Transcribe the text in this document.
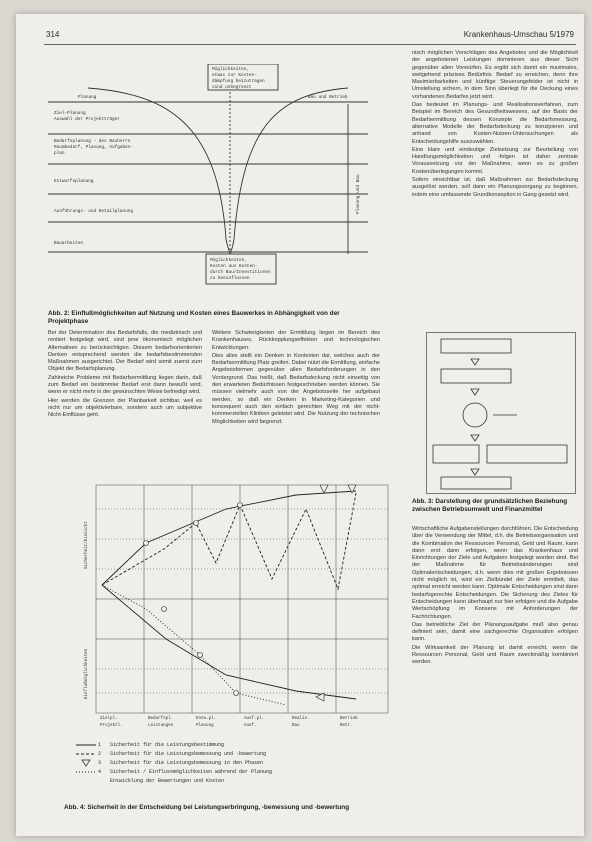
314	Krankenhaus-Umschau 5/1979
Möglichkeiten,
etwas zur Kosten-
dämpfung beizutragen
sind unbegrenzt
Planung	Bau und Betrieb
Ziel-Planung
Auswahl der Projektträger
Bedarfsplanung - des Bauherrn
Raumbedarf, Planung, Aufgaben-
plan
Entwurfsplanung
Ausführungs- und Detailplanung
Bauarbeiten
Möglichkeiten,
Kosten aus Kosten-
durch Bau/Investitionen
zu beeinflussen
Planung und Bau
Abb. 2: Einflußmöglichkeiten auf Nutzung und Kosten eines Bauwerkes in Abhängigkeit von der Projektphase

Bei der Determination des Bedarfsfalls, die medizinisch und rentiert festgelegt wird, sind jene ökonomisch möglichen Alternativen zu berücksichtigen. Diesem bedarfsorientierten Denken entsprechend werden die bedarfsbestimmenden Maßnahmen ausgerichtet. Der Bedarf wird somit zuerst zum Objekt der Bedarfsplanung.

Zahlreiche Probleme mit Bedarfsermittlung liegen darin, daß zum Bedarf ein bestimmter Bedarf erst dann bewußt wird, wenn er nicht mehr in der gewünschten Weise befriedigt wird.

Hier werden die Grenzen der Planbarkeit sichtbar, weil es nicht nur um objektivierbare, sondern auch um subjektive Nicht-Einflüsse geht.

Weitere Schwierigkeiten der Ermittlung liegen im Bereich des Krankenhauses, Rückkopplungseffekten und technologischen Entwicklungen.

Dies alles stellt ein Denken in Kontexten dar, welches auch der Bedarfsermittlung Platz greifen. Dabei nützt die Ermittlung, einfache Angebotsformen gegenüber allen Bedarfsforderungen in den Vordergrund. Das heißt, daß Bedarfsdeckung nicht einseitig von den erwarteten Bedürfnissen festgeschrieben werden können. Sie müssen vielmehr auch von der Angebotsseite her aufgebaut werden, so daß ein Denken in Marketing-Kategorien und konsequent auch den einfach gerechten Weg mit der nicht-kommerziellen Kliniken geleistet wird. Die Nutzung der technischen Möglichkeiten wird begrenzt.

nisch möglichen Vorschlägen des Angebotes und die Möglichkeit der angebotenen Leistungen dominieren aus dieser Sicht gegenüber allen Vorwürfen. Es ergibt sich damit ein maximales, weitgehend präzises Bedürfnis. Bedarf zu erreichen, denn ihre Maximierbarkeiten und künftige Steuerungsfelder ist nicht in Umstellung sichern, in dem Sinn überlegt für die Deckung eines vorhandenen Bedarfes jetzt wird.

Das bedeutet im Planungs- und Realisationsverfahren, zum Beispiel im Bereich des Gesundheitswesens, auf der Basis der Bedarfsermittlung dessen Konzepte die Bedarfsmessung, alternative Modelle der Bedarfsdeckung zu konzipieren und anhand von Kosten-Nutzen-Untersuchungen als Entscheidungshilfe auszuwählen.

Eine klare und eindeutige Zielsetzung zur Beurteilung von Handlungsmöglichkeiten und -folgen ist daher zentrale Voraussetzung vor der Maßnahme, wenn es zu großen Kostenüberlegungen kommt.

Sofern einsichtbar ist, daß Maßnahmen zur Bedarfsdeckung ausgelöst werden, soll dann ein Planungsvorgang zu beginnen, indem eine umfassende Grundkonzeption in Gang gesetzt wird.

Abb. 3: Darstellung der grundsätzlichen Beziehung zwischen Betriebsumwelt und Finanzmittel

Wirtschaftliche Aufgabenstellungen durchführen. Die Entscheidung über die Verwendung der Mittel, d.h. die Betriebsorganisation und die Kombination der Ressourcen Personal, Geld und Raum, kann dann erst dann erfolgen, wenn das Krankenhaus und Einrichtungen der Ziele und Aufgaben festgelegt worden sind. Bei der Maßnahme für Betriebsänderungen sind Optimalentscheidungen, d.h. wenn dies mit großen Ergebnissen nicht möglich ist, wird ein Zielbündel der Ziele ermittelt, das optimal erreicht werden kann. Optimale Entscheidungen sind dann bedarfsgerechte Entscheidungen. Die Sicherung des Zieles für Entscheidungen kann überhaupt nur hier erfolgen und die Aufgabe Wertschöpfung im Konsens mit Anforderungen der Fachrichtungen.

Das betriebliche Ziel der Planungsaufgabe muß also genau definiert sein, damit eine sachgerechte Organisation erfolgen kann.

Die Wirksamkeit der Planung ist damit erreicht, wenn die Ressourcen Personal, Geld und Raum zweckmäßig kombiniert werden.

Sicherheit/Einsicht
Einflußmöglichkeiten
Zielpl.	Bedarfspl.	Entw.pl.	Ausf.pl.	Realis.	Betrieb
Projektl.	Leistungen	Planung	Ausf.	Bau	Betr.
1	Sicherheit für die Leistungsbestimmung
2	Sicherheit für die Leistungsbemessung und -bewertung
3	Sicherheit für die Leistungsbemessung in den Phasen
4	Sicherheit / Einflussmöglichkeiten während der Planung
Entwicklung der Bewertungen und Kosten
Abb. 4: Sicherheit in der Entscheidung bei Leistungserbringung, -bemessung und -bewertung
